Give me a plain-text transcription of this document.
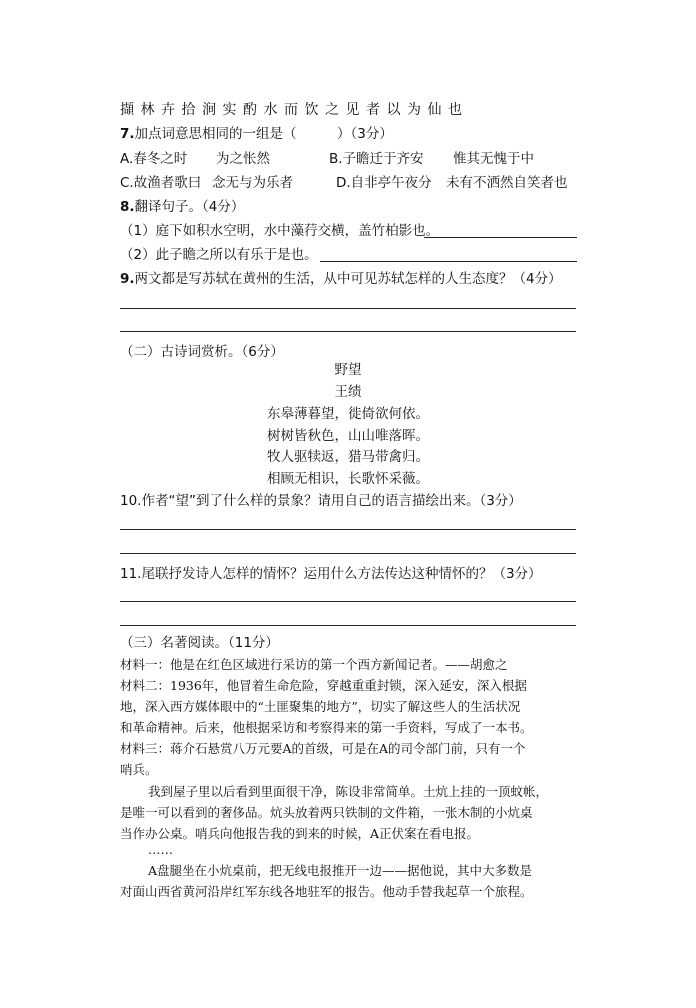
擷林卉拾涧实酌水而饮之见者以为仙也
7.加点词意思相同的一组是（　　　）（3分）
A.春冬之时 为之怅然	B.子瞻迁于齐安 惟其无愧于中
C.故渔者歌曰 念无与为乐者	D.自非亭午夜分 未有不洒然自笑者也
8.翻译句子。（4分）
（1）庭下如积水空明，水中藻荇交横，盖竹柏影也。
（2）此子瞻之所以有乐于是也。
9.两文都是写苏轼在黄州的生活，从中可见苏轼怎样的人生态度？（4分）
（二）古诗词赏析。（6分）
野望
王绩
东皋薄暮望，徙倚欲何依。
树树皆秋色，山山唯落晖。
牧人驱犊返，猎马带禽归。
相顾无相识，长歌怀采薇。
10.作者“望”到了什么样的景象？请用自己的语言描绘出来。（3分）
11.尾联抒发诗人怎样的情怀？运用什么方法传达这种情怀的？（3分）
（三）名著阅读。（11分）
材料一：他是在红色区域进行采访的第一个西方新闻记者。——胡愈之
材料二：1936年，他冒着生命危险，穿越重重封锁，深入延安，深入根据
地，深入西方媒体眼中的“土匪聚集的地方”，切实了解这些人的生活状况
和革命精神。后来，他根据采访和考察得来的第一手资料，写成了一本书。
材料三：蒋介石悬赏八万元要A的首级，可是在A的司令部门前，只有一个
哨兵。
我到屋子里以后看到里面很干净，陈设非常简单。土炕上挂的一顶蚊帐，
是唯一可以看到的奢侈品。炕头放着两只铁制的文件箱，一张木制的小炕桌
当作办公桌。哨兵向他报告我的到来的时候，A正伏案在看电报。
……
A盘腿坐在小炕桌前，把无线电报推开一边——据他说，其中大多数是
对面山西省黄河沿岸红军东线各地驻军的报告。他动手替我起草一个旅程。
